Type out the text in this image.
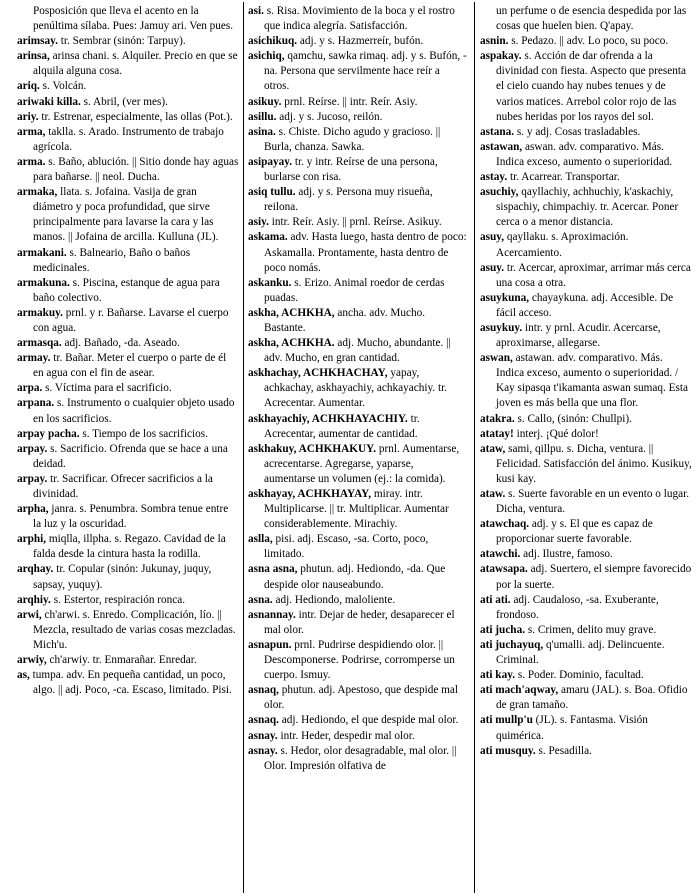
Posposición que lleva el acento en la penúltima sílaba. Pues: Jamuy ari. Ven pues.

arimsay. tr. Sembrar (sinón: Tarpuy).

arinsa, arinsa chani. s. Alquiler. Precio en que se alquila alguna cosa.

ariq. s. Volcán.

ariwaki killa. s. Abril, (ver mes).

ariy. tr. Estrenar, especialmente, las ollas (Pot.).

arma, taklla. s. Arado. Instrumento de trabajo agrícola.

arma. s. Baño, ablución. || Sitio donde hay aguas para bañarse. || neol. Ducha.

armaka, llata. s. Jofaina. Vasija de gran diámetro y poca profundidad, que sirve principalmente para lavarse la cara y las manos. || Jofaina de arcilla. Kulluna (JL).

armakani. s. Balneario, Baño o baños medicinales.

armakuna. s. Piscina, estanque de agua para baño colectivo.

armakuy. prnl. y r. Bañarse. Lavarse el cuerpo con agua.

armasqa. adj. Bañado, -da. Aseado.

armay. tr. Bañar. Meter el cuerpo o parte de él en agua con el fin de asear.

arpa. s. Víctima para el sacrificio.

arpana. s. Instrumento o cualquier objeto usado en los sacrificios.

arpay pacha. s. Tiempo de los sacrificios.

arpay. s. Sacrificio. Ofrenda que se hace a una deidad.

arpay. tr. Sacrificar. Ofrecer sacrificios a la divinidad.

arpha, janra. s. Penumbra. Sombra tenue entre la luz y la oscuridad.

arphi, miqlla, illpha. s. Regazo. Cavidad de la falda desde la cintura hasta la rodilla.

arqhay. tr. Copular (sinón: Jukunay, juquy, sapsay, yuquy).

arqhiy. s. Estertor, respiración ronca.

arwi, ch'arwi. s. Enredo. Complicación, lío. || Mezcla, resultado de varias cosas mezcladas. Mich'u.

arwiy, ch'arwiy. tr. Enmarañar. Enredar.

as, tumpa. adv. En pequeña cantidad, un poco, algo. || adj. Poco, -ca. Escaso, limitado. Pisi.

asi. s. Risa. Movimiento de la boca y el rostro que indica alegría. Satisfacción.

asichikuq. adj. y s. Hazmerreír, bufón.

asichiq, qamchu, sawka rimaq. adj. y s. Bufón, -na. Persona que servilmente hace reír a otros.

asikuy. prnl. Reírse. || intr. Reír. Asiy.

asillu. adj. y s. Jucoso, reilón.

asina. s. Chiste. Dicho agudo y gracioso. || Burla, chanza. Sawka.

asipayay. tr. y intr. Reírse de una persona, burlarse con risa.

asiq tullu. adj. y s. Persona muy risueña, reilona.

asiy. intr. Reír. Asiy. || prnl. Reírse. Asikuy.

askama. adv. Hasta luego, hasta dentro de poco: Askamalla. Prontamente, hasta dentro de poco nomás.

askanku. s. Erizo. Animal roedor de cerdas puadas.

askha, ACHKHA, ancha. adv. Mucho. Bastante.

askha, ACHKHA. adj. Mucho, abundante. || adv. Mucho, en gran cantidad.

askhachay, ACHKHACHAY, yapay, achkachay, askhayachiy, achkayachiy. tr. Acrecentar. Aumentar.

askhayachiy, ACHKHAYACHIY. tr. Acrecentar, aumentar de cantidad.

askhakuy, ACHKHAKUY. prnl. Aumentarse, acrecentarse. Agregarse, yaparse, aumentarse un volumen (ej.: la comida).

askhayay, ACHKHAYAY, miray. intr. Multiplicarse. || tr. Multiplicar. Aumentar considerablemente. Mirachiy.

aslla, pisi. adj. Escaso, -sa. Corto, poco, limitado.

asna asna, phutun. adj. Hediondo, -da. Que despide olor nauseabundo.

asna. adj. Hediondo, maloliente.

asnannay. intr. Dejar de heder, desaparecer el mal olor.

asnapun. prnl. Pudrirse despidiendo olor. || Descomponerse. Podrirse, corromperse un cuerpo. Ismuy.

asnaq, phutun. adj. Apestoso, que despide mal olor.

asnaq. adj. Hediondo, el que despide mal olor.

asnay. intr. Heder, despedir mal olor.

asnay. s. Hedor, olor desagradable, mal olor. || Olor. Impresión olfativa de

un perfume o de esencia despedida por las cosas que huelen bien. Q'apay.

asnin. s. Pedazo. || adv. Lo poco, su poco.

aspakay. s. Acción de dar ofrenda a la divinidad con fiesta. Aspecto que presenta el cielo cuando hay nubes tenues y de varios matices. Arrebol color rojo de las nubes heridas por los rayos del sol.

astana. s. y adj. Cosas trasladables.

astawan, aswan. adv. comparativo. Más. Indica exceso, aumento o superioridad.

astay. tr. Acarrear. Transportar.

asuchiy, qayllachiy, achhuchiy, k'askachiy, sispachiy, chimpachiy. tr. Acercar. Poner cerca o a menor distancia.

asuy, qayllaku. s. Aproximación. Acercamiento.

asuy. tr. Acercar, aproximar, arrimar más cerca una cosa a otra.

asuykuna, chayaykuna. adj. Accesible. De fácil acceso.

asuykuy. intr. y prnl. Acudir. Acercarse, aproximarse, allegarse.

aswan, astawan. adv. comparativo. Más. Indica exceso, aumento o superioridad. / Kay sipasqa t'ikamanta aswan sumaq. Esta joven es más bella que una flor.

atakra. s. Callo, (sinón: Chullpi).

atatay! interj. ¡Qué dolor!

ataw, sami, qillpu. s. Dicha, ventura. || Felicidad. Satisfacción del ánimo. Kusikuy, kusi kay.

ataw. s. Suerte favorable en un evento o lugar. Dicha, ventura.

atawchaq. adj. y s. El que es capaz de proporcionar suerte favorable.

atawchi. adj. Ilustre, famoso.

atawsapa. adj. Suertero, el siempre favorecido por la suerte.

ati ati. adj. Caudaloso, -sa. Exuberante, frondoso.

ati jucha. s. Crimen, delito muy grave.

ati juchayuq, q'umalli. adj. Delincuente. Criminal.

ati kay. s. Poder. Dominio, facultad.

ati mach'aqway, amaru (JAL). s. Boa. Ofidio de gran tamaño.

ati mullp'u (JL). s. Fantasma. Visión quimérica.

ati musquy. s. Pesadilla.
